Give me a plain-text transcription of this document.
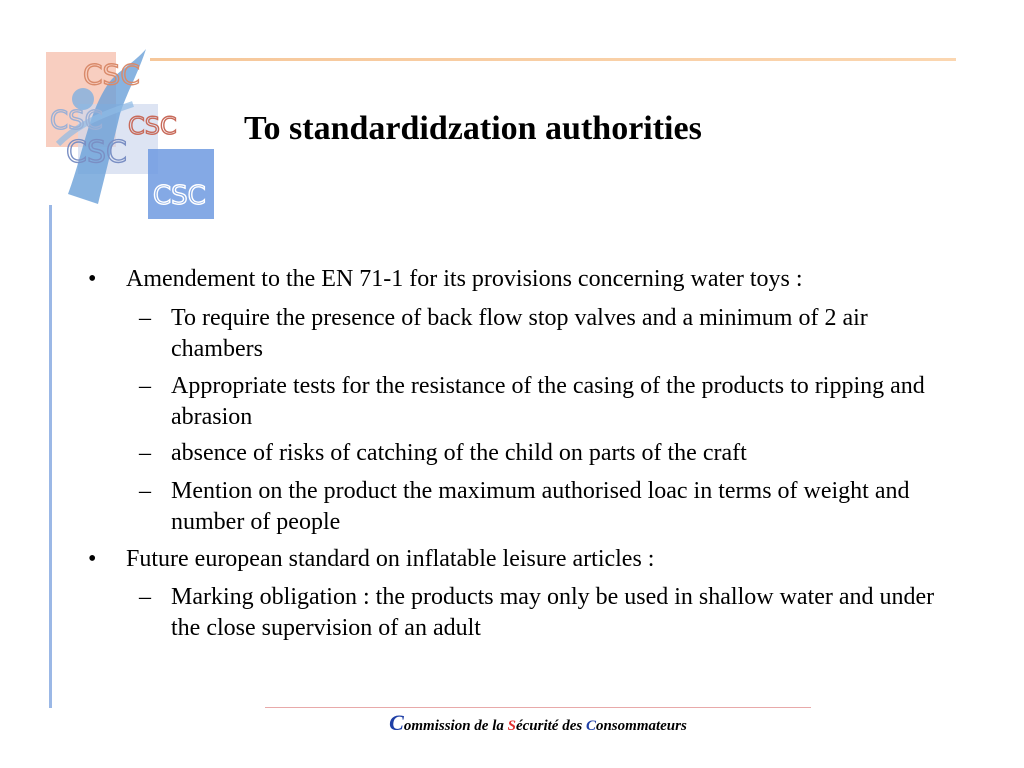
CSC
CSC CSC
CSC
CSC
To standardidzation authorities
• Amendement to the EN 71-1 for its provisions concerning water toys :
– To require the presence of back flow stop valves and a minimum of 2 air chambers
– Appropriate tests for the resistance of the casing of the products to ripping and abrasion
– absence of risks of catching of the child on parts of the craft
– Mention on the product the maximum authorised loac in terms of weight and number of people
• Future european standard on inflatable leisure articles :
– Marking obligation : the products may only be used in shallow water and under the close supervision of an adult
Commission de la Sécurité des Consommateurs
